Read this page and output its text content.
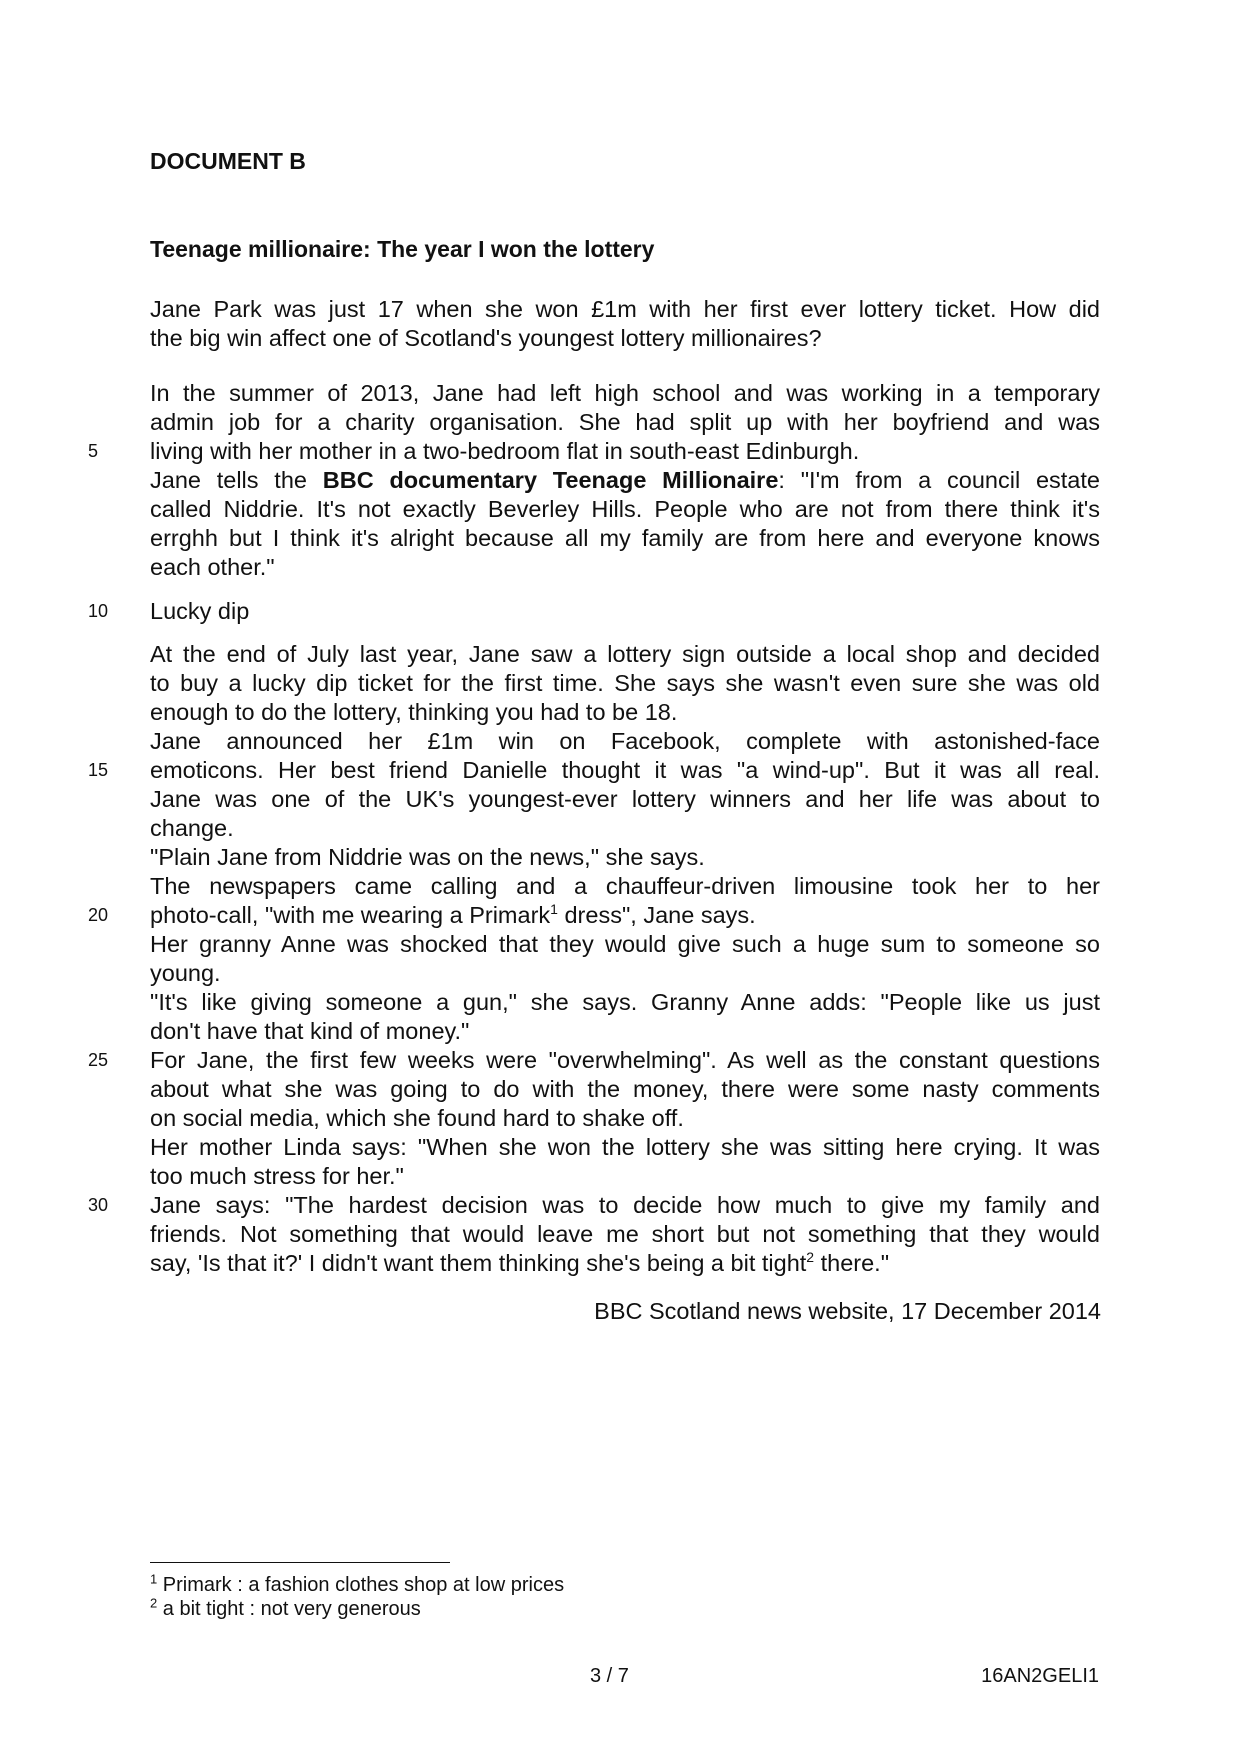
DOCUMENT B
Teenage millionaire: The year I won the lottery
Jane Park was just 17 when she won £1m with her first ever lottery ticket. How did
the big win affect one of Scotland's youngest lottery millionaires?
In the summer of 2013, Jane had left high school and was working in a temporary
admin job for a charity organisation. She had split up with her boyfriend and was
living with her mother in a two-bedroom flat in south-east Edinburgh.
Jane tells the BBC documentary Teenage Millionaire: "I'm from a council estate
called Niddrie. It's not exactly Beverley Hills. People who are not from there think it's
errghh but I think it's alright because all my family are from here and everyone knows
each other."
Lucky dip
At the end of July last year, Jane saw a lottery sign outside a local shop and decided
to buy a lucky dip ticket for the first time. She says she wasn't even sure she was old
enough to do the lottery, thinking you had to be 18.
Jane announced her £1m win on Facebook, complete with astonished-face
emoticons. Her best friend Danielle thought it was "a wind-up". But it was all real.
Jane was one of the UK's youngest-ever lottery winners and her life was about to
change.
"Plain Jane from Niddrie was on the news," she says.
The newspapers came calling and a chauffeur-driven limousine took her to her
photo-call, "with me wearing a Primark$^1$ dress", Jane says.
Her granny Anne was shocked that they would give such a huge sum to someone so
young.
"It's like giving someone a gun," she says. Granny Anne adds: "People like us just
don't have that kind of money."
For Jane, the first few weeks were "overwhelming". As well as the constant questions
about what she was going to do with the money, there were some nasty comments
on social media, which she found hard to shake off.
Her mother Linda says: "When she won the lottery she was sitting here crying. It was
too much stress for her."
Jane says: "The hardest decision was to decide how much to give my family and
friends. Not something that would leave me short but not something that they would
say, 'Is that it?' I didn't want them thinking she's being a bit tight$^2$ there."
5
10
15
20
25
30
BBC Scotland news website, 17 December 2014
$^1$ Primark : a fashion clothes shop at low prices
$^2$ a bit tight : not very generous
3 / 7	16AN2GELI1
